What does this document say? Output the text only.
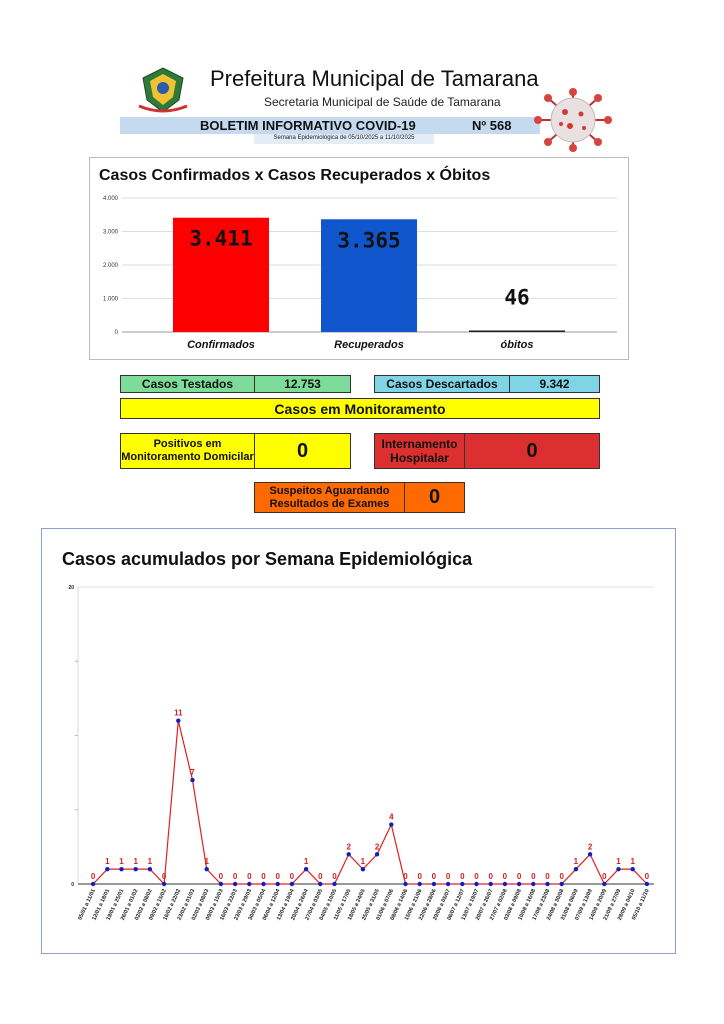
Prefeitura Municipal de Tamarana
Secretaria Municipal de Saúde de Tamarana
BOLETIM INFORMATIVO COVID-19	Nº 568
Semana Epidemiológica de 05/10/2025 a 11/10/2025
Casos Confirmados x Casos Recuperados x Óbitos
0
1.000
2.000
3.000
4.000
3.411
Confirmados
3.365
Recuperados
46
óbitos
Casos Testados	12.753	Casos Descartados	9.342
Casos em Monitoramento
Positivos em Monitoramento Domicilar	0	Internamento Hospitalar	0
Suspeitos Aguardando Resultados de Exames	0
Casos acumulados por Semana Epidemiológica
20
0
0
05/01 a 11/01
1
12/01 a 18/01
1
19/01 a 25/01
1
26/01 a 01/02
1
02/02 a 08/02
0
09/02 a 15/02
11
16/02 a 22/02
7
23/02 a 01/03
1
02/03 a 08/03
0
09/03 a 15/03
0
16/03 a 22/03
0
23/03 a 29/03
0
30/03 a 05/04
0
06/04 a 12/04
0
13/04 a 19/04
1
20/04 a 26/04
0
27/04 a 03/05
0
04/05 a 10/05
2
11/05 a 17/05
1
18/05 a 24/05
2
25/05 a 31/05
4
01/06 a 07/06
0
08/06 a 14/06
0
15/06 a 21/06
0
22/06 a 28/06
0
29/06 a 05/07
0
06/07 a 12/07
0
13/07 a 19/07
0
20/07 a 26/07
0
27/07 a 02/08
0
03/08 a 09/08
0
10/08 a 16/08
0
17/08 a 23/08
0
24/08 a 30/08
1
31/08 a 06/09
2
07/09 a 13/09
0
14/09 a 20/09
1
21/09 a 27/09
1
28/09 a 04/10
0
05/10 a 11/10
